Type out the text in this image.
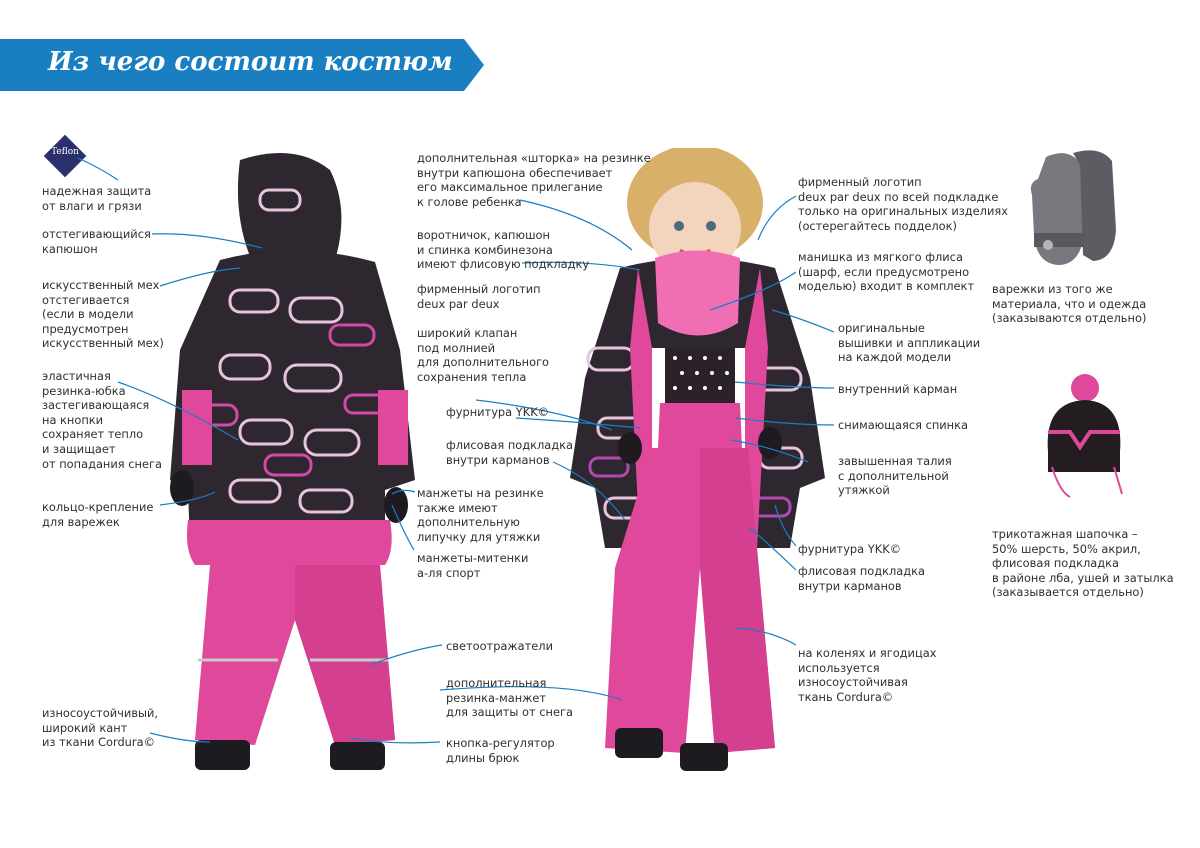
Из чего состоит костюм
Teflon
надежная защита
от влаги и грязи
отстегивающийся
капюшон
искусственный мех
отстегивается
(если в модели
предусмотрен
искусственный мех)
эластичная
резинка-юбка
застегивающаяся
на кнопки
сохраняет тепло
и защищает
от попадания снега
кольцо-крепление
для варежек
износоустойчивый,
широкий кант
из ткани Cordura©
дополнительная «шторка» на резинке
внутри капюшона обеспечивает
его максимальное прилегание
к голове ребенка
воротничок, капюшон
и спинка комбинезона
имеют флисовую подкладку
фирменный логотип
deux par deux
широкий клапан
под молнией
для дополнительного
сохранения тепла
фурнитура YKK©
флисовая подкладка
внутри карманов
манжеты на резинке
также имеют
дополнительную
липучку для утяжки
манжеты-митенки
а-ля спорт
светоотражатели
дополнительная
резинка-манжет
для защиты от снега
кнопка-регулятор
длины брюк
фирменный логотип
deux par deux по всей подкладке
только на оригинальных изделиях
(остерегайтесь подделок)
манишка из мягкого флиса
(шарф, если предусмотрено
моделью) входит в комплект
оригинальные
вышивки и аппликации
на каждой модели
внутренний карман
снимающаяся спинка
завышенная талия
с дополнительной
утяжкой
фурнитура YKK©
флисовая подкладка
внутри карманов
на коленях и ягодицах
используется
износоустойчивая
ткань Cordura©
варежки из того же
материала, что и одежда
(заказываются отдельно)
трикотажная шапочка –
50% шерсть, 50% акрил,
флисовая подкладка
в районе лба, ушей и затылка
(заказывается отдельно)
